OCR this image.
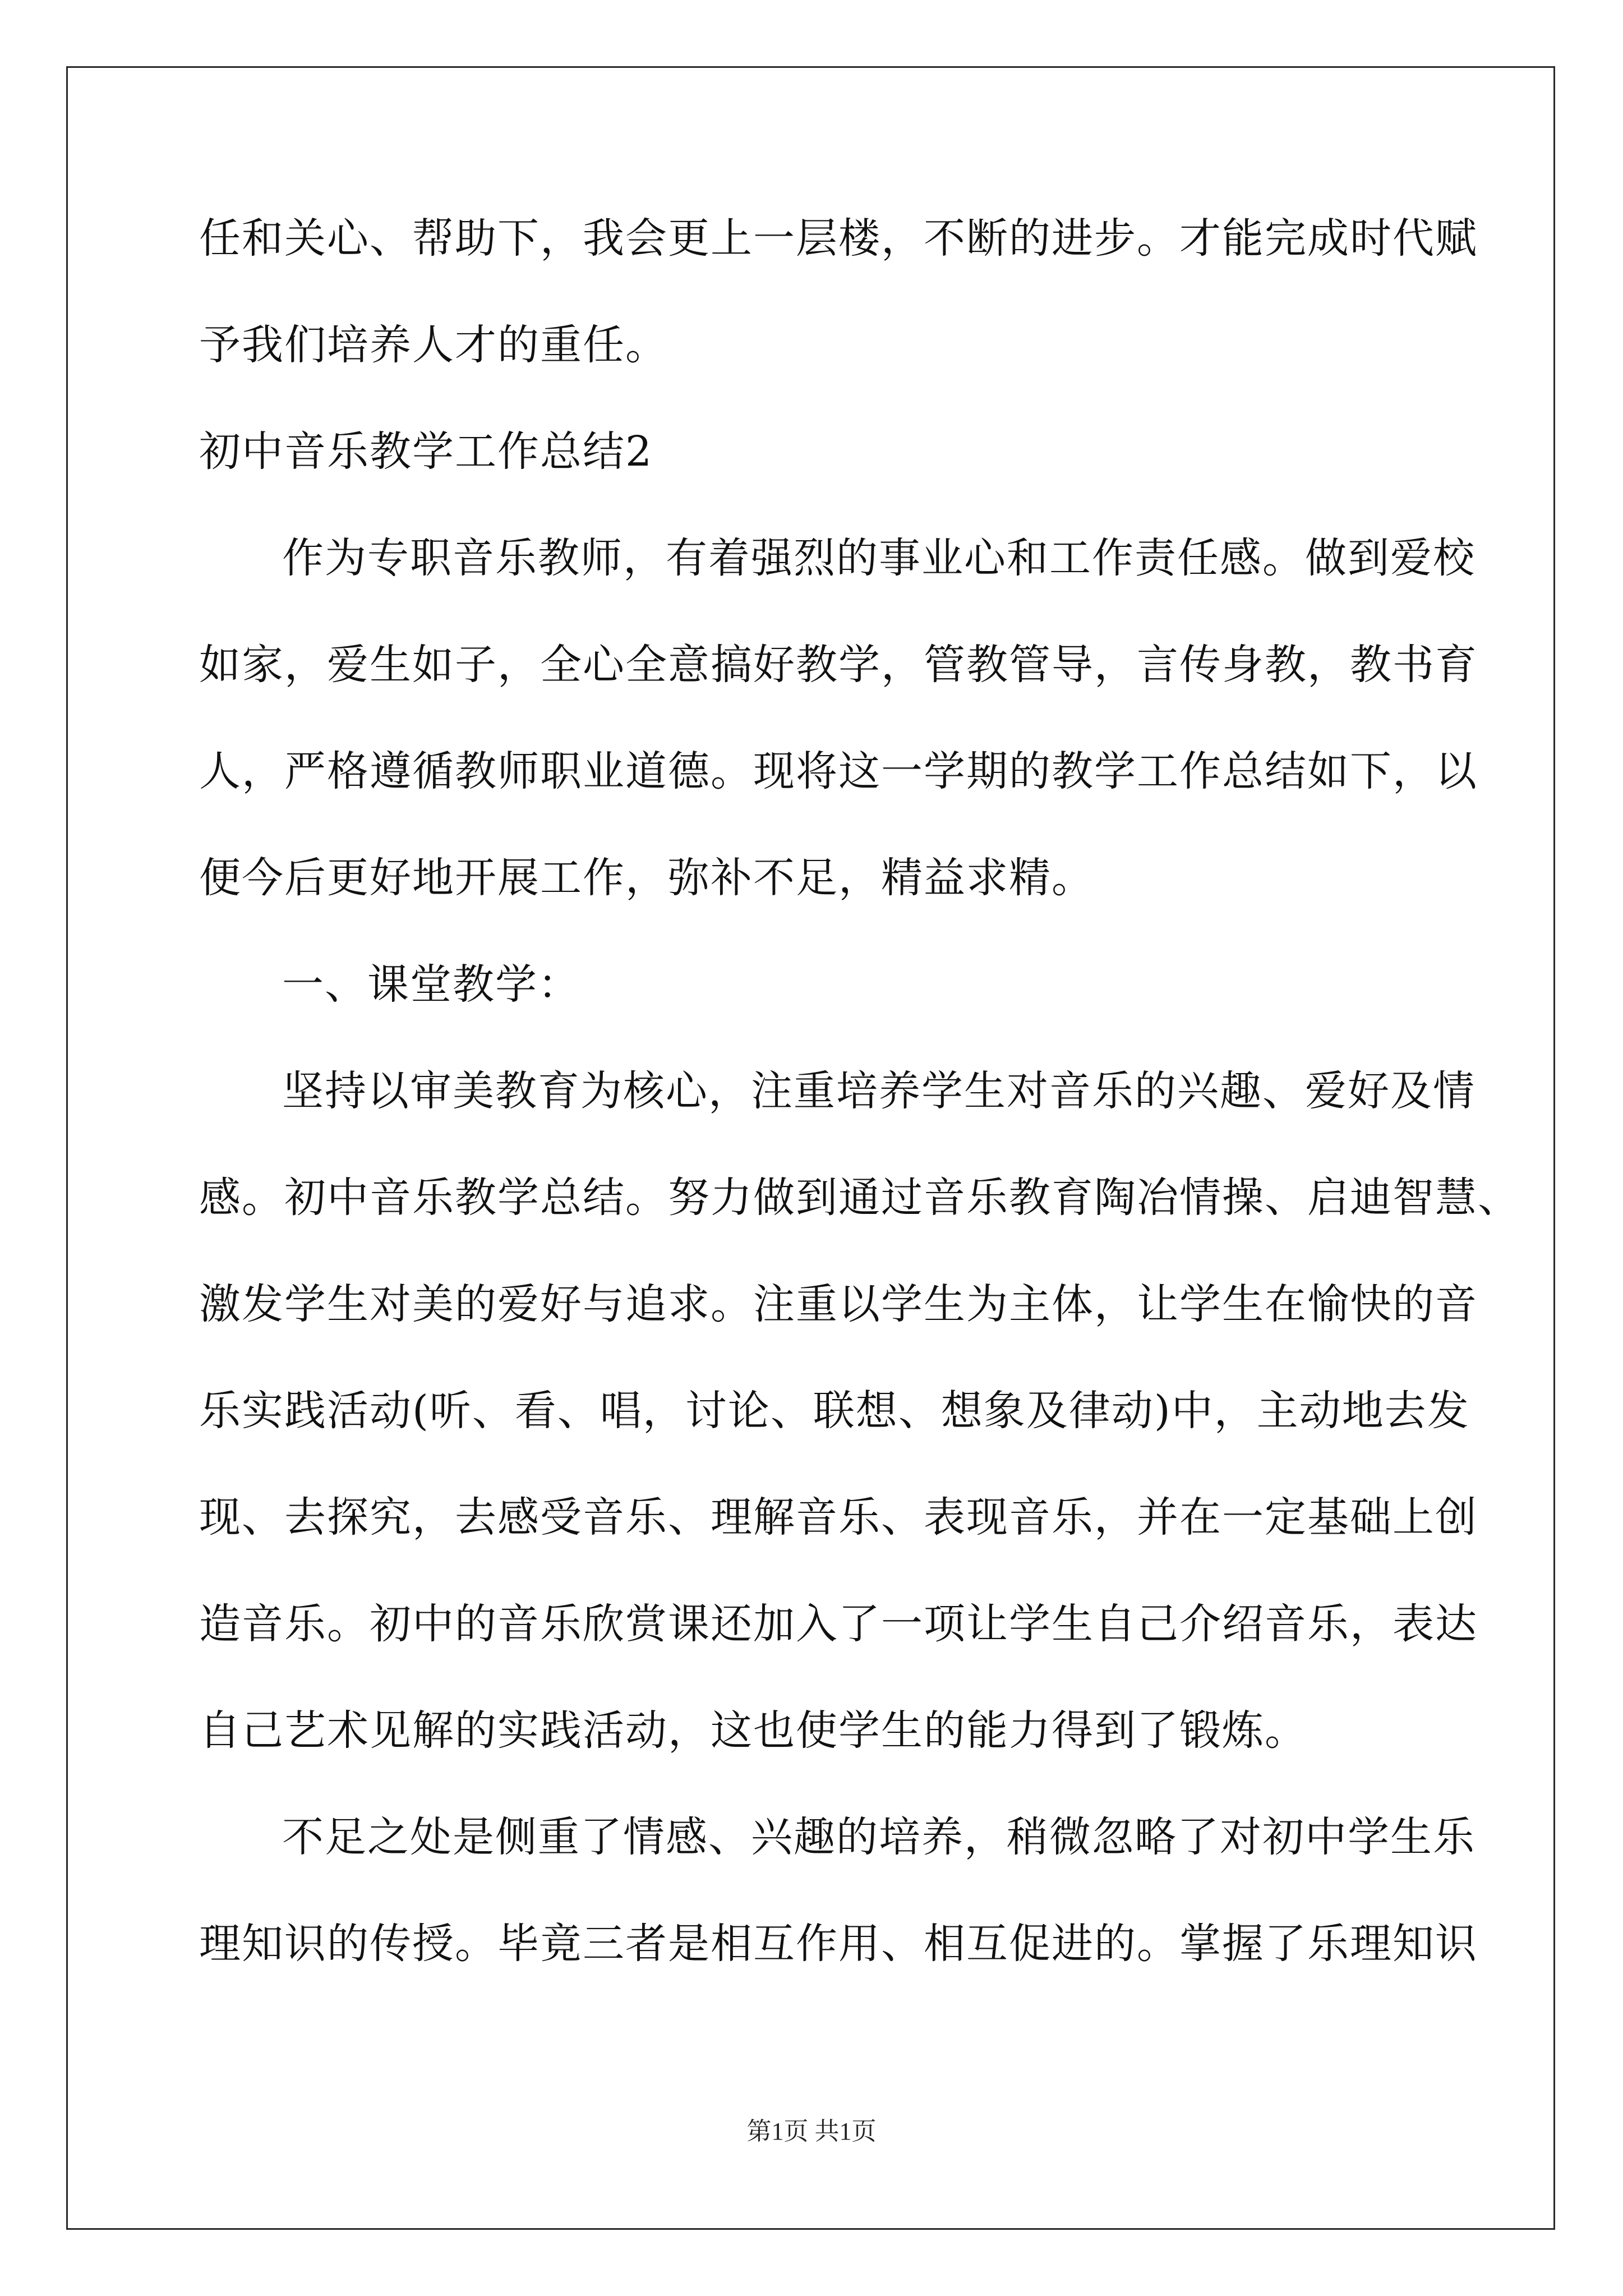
任和关心、帮助下，我会更上一层楼，不断的进步。才能完成时代赋
予我们培养人才的重任。
初中音乐教学工作总结2
作为专职音乐教师，有着强烈的事业心和工作责任感。做到爱校
如家，爱生如子，全心全意搞好教学，管教管导，言传身教，教书育
人，严格遵循教师职业道德。现将这一学期的教学工作总结如下，以
便今后更好地开展工作，弥补不足，精益求精。
一、课堂教学：
坚持以审美教育为核心，注重培养学生对音乐的兴趣、爱好及情
感。初中音乐教学总结。努力做到通过音乐教育陶冶情操、启迪智慧、
激发学生对美的爱好与追求。注重以学生为主体，让学生在愉快的音
乐实践活动(听、看、唱，讨论、联想、想象及律动)中，主动地去发
现、去探究，去感受音乐、理解音乐、表现音乐，并在一定基础上创
造音乐。初中的音乐欣赏课还加入了一项让学生自己介绍音乐，表达
自己艺术见解的实践活动，这也使学生的能力得到了锻炼。
不足之处是侧重了情感、兴趣的培养，稍微忽略了对初中学生乐
理知识的传授。毕竟三者是相互作用、相互促进的。掌握了乐理知识
第1页 共1页
